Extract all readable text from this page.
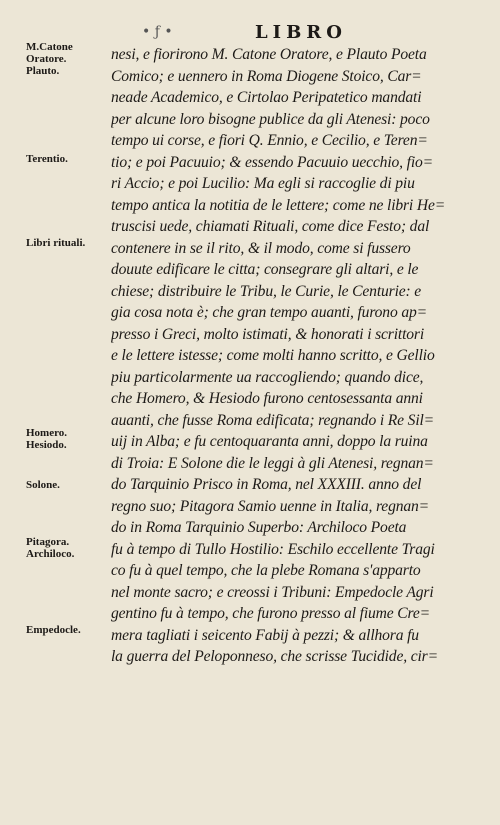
• ƒ •	LIBRO
M.Catone
Oratore.
Plauto.
Terentio.
Libri rituali.
Homero.
Hesiodo.
Solone.
Pitagora.
Archiloco.
Empedocle.
nesi, e fiorirono M. Catone Oratore, e Plauto Poeta
Comico; e uennero in Roma Diogene Stoico, Car=
neade Academico, e Cirtolao Peripatetico mandati
per alcune loro bisogne publice da gli Atenesi: poco
tempo ui corse, e fiori Q. Ennio, e Cecilio, e Teren=
tio; e poi Pacuuio; & essendo Pacuuio uecchio, fio=
ri Accio; e poi Lucilio: Ma egli si raccoglie di piu
tempo antica la notitia de le lettere; come ne libri He=
truscisi uede, chiamati Rituali, come dice Festo; dal
contenere in se il rito, & il modo, come si fussero
douute edificare le citta; consegrare gli altari, e le
chiese; distribuire le Tribu, le Curie, le Centurie: e
gia cosa nota è; che gran tempo auanti, furono ap=
presso i Greci, molto istimati, & honorati i scrittori
e le lettere istesse; come molti hanno scritto, e Gellio
piu particolarmente ua raccogliendo; quando dice,
che Homero, & Hesiodo furono centosessanta anni
auanti, che fusse Roma edificata; regnando i Re Sil=
uij in Alba; e fu centoquaranta anni, doppo la ruina
di Troia: E Solone die le leggi à gli Atenesi, regnan=
do Tarquinio Prisco in Roma, nel XXXIII. anno del
regno suo; Pitagora Samio uenne in Italia, regnan=
do in Roma Tarquinio Superbo: Archiloco Poeta
fu à tempo di Tullo Hostilio: Eschilo eccellente Tragi
co fu à quel tempo, che la plebe Romana s'apparto
nel monte sacro; e creossi i Tribuni: Empedocle Agri
gentino fu à tempo, che furono presso al fiume Cre=
mera tagliati i seicento Fabij à pezzi; & allhora fu
la guerra del Peloponneso, che scrisse Tucidide, cir=
